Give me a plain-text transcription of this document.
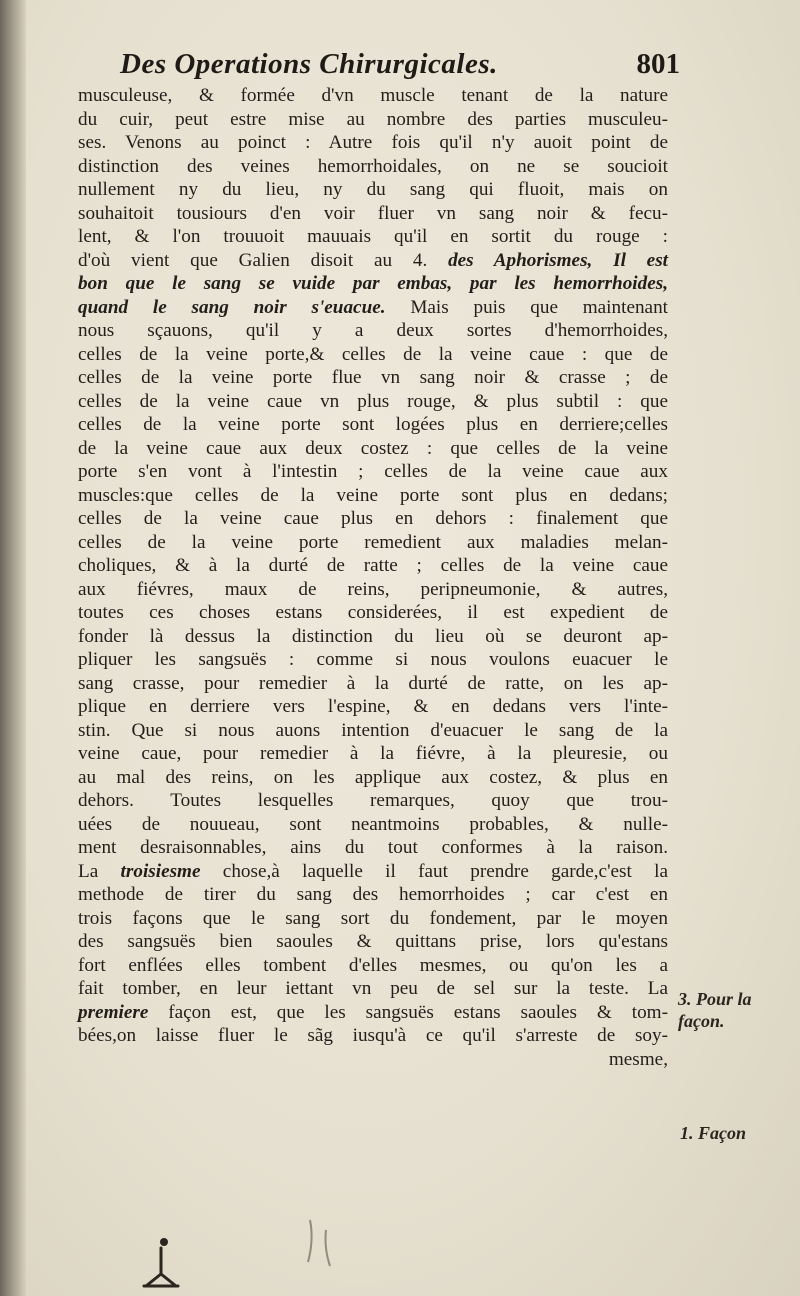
Des Operations Chirurgicales.	801
musculeuse, & formée d'vn muscle tenant de la nature
du cuir, peut estre mise au nombre des parties musculeu-
ses. Venons au poinct : Autre fois qu'il n'y auoit point de
distinction des veines hemorrhoidales, on ne se soucioit
nullement ny du lieu, ny du sang qui fluoit, mais on
souhaitoit tousiours d'en voir fluer vn sang noir & fecu-
lent, & l'on trouuoit mauuais qu'il en sortit du rouge :
d'où vient que Galien disoit au 4. des Aphorismes, Il est
bon que le sang se vuide par embas, par les hemorrhoides,
quand le sang noir s'euacue. Mais puis que maintenant
nous sçauons, qu'il y a deux sortes d'hemorrhoides,
celles de la veine porte,& celles de la veine caue : que de
celles de la veine porte flue vn sang noir & crasse ; de
celles de la veine caue vn plus rouge, & plus subtil : que
celles de la veine porte sont logées plus en derriere;celles
de la veine caue aux deux costez : que celles de la veine
porte s'en vont à l'intestin ; celles de la veine caue aux
muscles:que celles de la veine porte sont plus en dedans;
celles de la veine caue plus en dehors : finalement que
celles de la veine porte remedient aux maladies melan-
choliques, & à la durté de ratte ; celles de la veine caue
aux fiévres, maux de reins, peripneumonie, & autres,
toutes ces choses estans considerées, il est expedient de
fonder là dessus la distinction du lieu où se deuront ap-
pliquer les sangsuës : comme si nous voulons euacuer le
sang crasse, pour remedier à la durté de ratte, on les ap-
plique en derriere vers l'espine, & en dedans vers l'inte-
stin. Que si nous auons intention d'euacuer le sang de la
veine caue, pour remedier à la fiévre, à la pleuresie, ou
au mal des reins, on les applique aux costez, & plus en
dehors. Toutes lesquelles remarques, quoy que trou-
uées de nouueau, sont neantmoins probables, & nulle-
ment desraisonnables, ains du tout conformes à la raison.
La troisiesme chose,à laquelle il faut prendre garde,c'est la
methode de tirer du sang des hemorrhoides ; car c'est en
trois façons que le sang sort du fondement, par le moyen
des sangsuës bien saoules & quittans prise, lors qu'estans
fort enflées elles tombent d'elles mesmes, ou qu'on les a
fait tomber, en leur iettant vn peu de sel sur la teste. La
premiere façon est, que les sangsuës estans saoules & tom-
bées,on laisse fluer le sãg iusqu'à ce qu'il s'arreste de soy-
mesme,
3. Pour la
façon.
1. Façon
